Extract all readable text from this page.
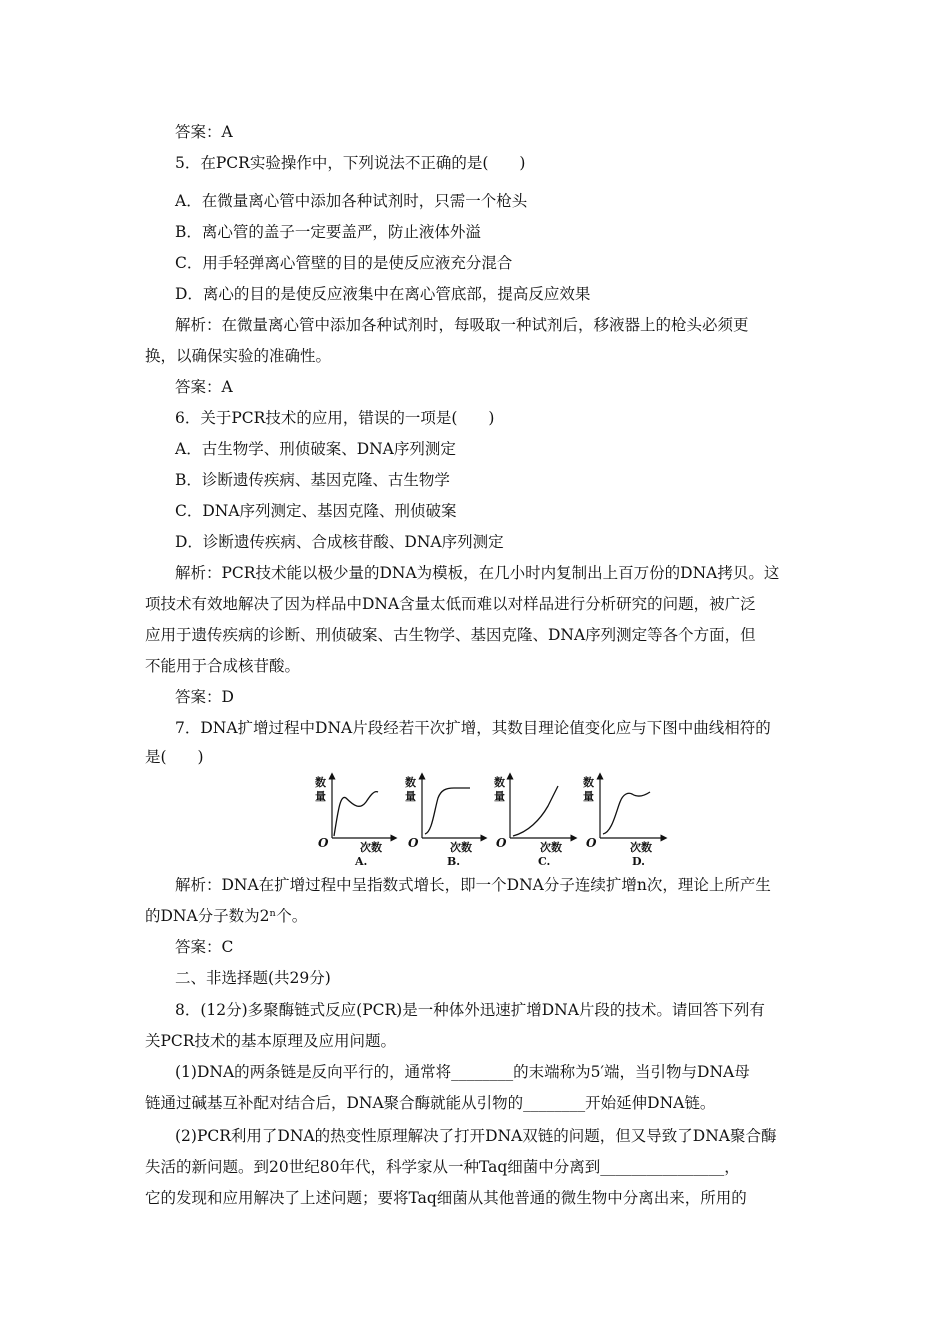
答案：A
5．在PCR实验操作中，下列说法不正确的是(　　)
A．在微量离心管中添加各种试剂时，只需一个枪头
B．离心管的盖子一定要盖严，防止液体外溢
C．用手轻弹离心管壁的目的是使反应液充分混合
D．离心的目的是使反应液集中在离心管底部，提高反应效果
解析：在微量离心管中添加各种试剂时，每吸取一种试剂后，移液器上的枪头必须更
换，以确保实验的准确性。
答案：A
6．关于PCR技术的应用，错误的一项是(　　)
A．古生物学、刑侦破案、DNA序列测定
B．诊断遗传疾病、基因克隆、古生物学
C．DNA序列测定、基因克隆、刑侦破案
D．诊断遗传疾病、合成核苷酸、DNA序列测定
解析：PCR技术能以极少量的DNA为模板，在几小时内复制出上百万份的DNA拷贝。这
项技术有效地解决了因为样品中DNA含量太低而难以对样品进行分析研究的问题，被广泛
应用于遗传疾病的诊断、刑侦破案、古生物学、基因克隆、DNA序列测定等各个方面，但
不能用于合成核苷酸。
答案：D
7．DNA扩增过程中DNA片段经若干次扩增，其数目理论值变化应与下图中曲线相符的
是(　　)
数
量
O	次数
A.
数
量
O	次数
B.
数
量
O	次数
C.
数
量
O	次数
D.
解析：DNA在扩增过程中呈指数式增长，即一个DNA分子连续扩增n次，理论上所产生
的DNA分子数为2ⁿ个。
答案：C
二、非选择题(共29分)
8．(12分)多聚酶链式反应(PCR)是一种体外迅速扩增DNA片段的技术。请回答下列有
关PCR技术的基本原理及应用问题。
(1)DNA的两条链是反向平行的，通常将________的末端称为5′端，当引物与DNA母
链通过碱基互补配对结合后，DNA聚合酶就能从引物的________开始延伸DNA链。
(2)PCR利用了DNA的热变性原理解决了打开DNA双链的问题，但又导致了DNA聚合酶
失活的新问题。到20世纪80年代，科学家从一种Taq细菌中分离到________________，
它的发现和应用解决了上述问题；要将Taq细菌从其他普通的微生物中分离出来，所用的
